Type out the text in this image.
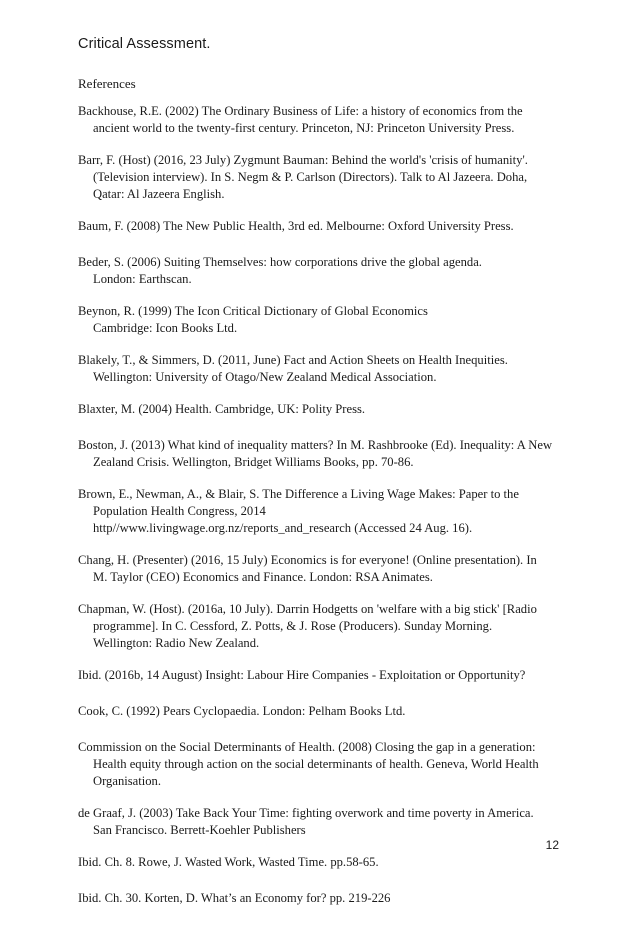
Critical Assessment.
References
Backhouse, R.E. (2002) The Ordinary Business of Life: a history of economics from the
ancient world to the twenty-first century. Princeton, NJ: Princeton University Press.
Barr, F. (Host) (2016, 23 July) Zygmunt Bauman: Behind the world's 'crisis of humanity'.
(Television interview). In S. Negm & P. Carlson (Directors). Talk to Al Jazeera. Doha,
Qatar: Al Jazeera English.
Baum, F. (2008) The New Public Health, 3rd ed. Melbourne: Oxford University Press.
Beder, S. (2006) Suiting Themselves: how corporations drive the global agenda.
London: Earthscan.
Beynon, R. (1999) The Icon Critical Dictionary of Global Economics
Cambridge: Icon Books Ltd.
Blakely, T., & Simmers, D. (2011, June) Fact and Action Sheets on Health Inequities.
Wellington: University of Otago/New Zealand Medical Association.
Blaxter, M. (2004) Health. Cambridge, UK: Polity Press.
Boston, J. (2013) What kind of inequality matters? In M. Rashbrooke (Ed). Inequality: A New
Zealand Crisis. Wellington, Bridget Williams Books, pp. 70-86.
Brown, E., Newman, A., & Blair, S. The Difference a Living Wage Makes: Paper to the
Population Health Congress, 2014
http//www.livingwage.org.nz/reports_and_research (Accessed 24 Aug. 16).
Chang, H. (Presenter) (2016, 15 July) Economics is for everyone! (Online presentation). In
M. Taylor (CEO) Economics and Finance. London: RSA Animates.
Chapman, W. (Host). (2016a, 10 July). Darrin Hodgetts on 'welfare with a big stick' [Radio
programme]. In C. Cessford, Z. Potts, & J. Rose (Producers). Sunday Morning.
Wellington: Radio New Zealand.
Ibid. (2016b, 14 August) Insight: Labour Hire Companies - Exploitation or Opportunity?
Cook, C. (1992) Pears Cyclopaedia. London: Pelham Books Ltd.
Commission on the Social Determinants of Health. (2008) Closing the gap in a generation:
Health equity through action on the social determinants of health. Geneva, World Health
Organisation.
de Graaf, J. (2003) Take Back Your Time: fighting overwork and time poverty in America.
San Francisco. Berrett-Koehler Publishers
Ibid. Ch. 8. Rowe, J. Wasted Work, Wasted Time. pp.58-65.
Ibid. Ch. 30. Korten, D. What’s an Economy for? pp. 219-226
12
